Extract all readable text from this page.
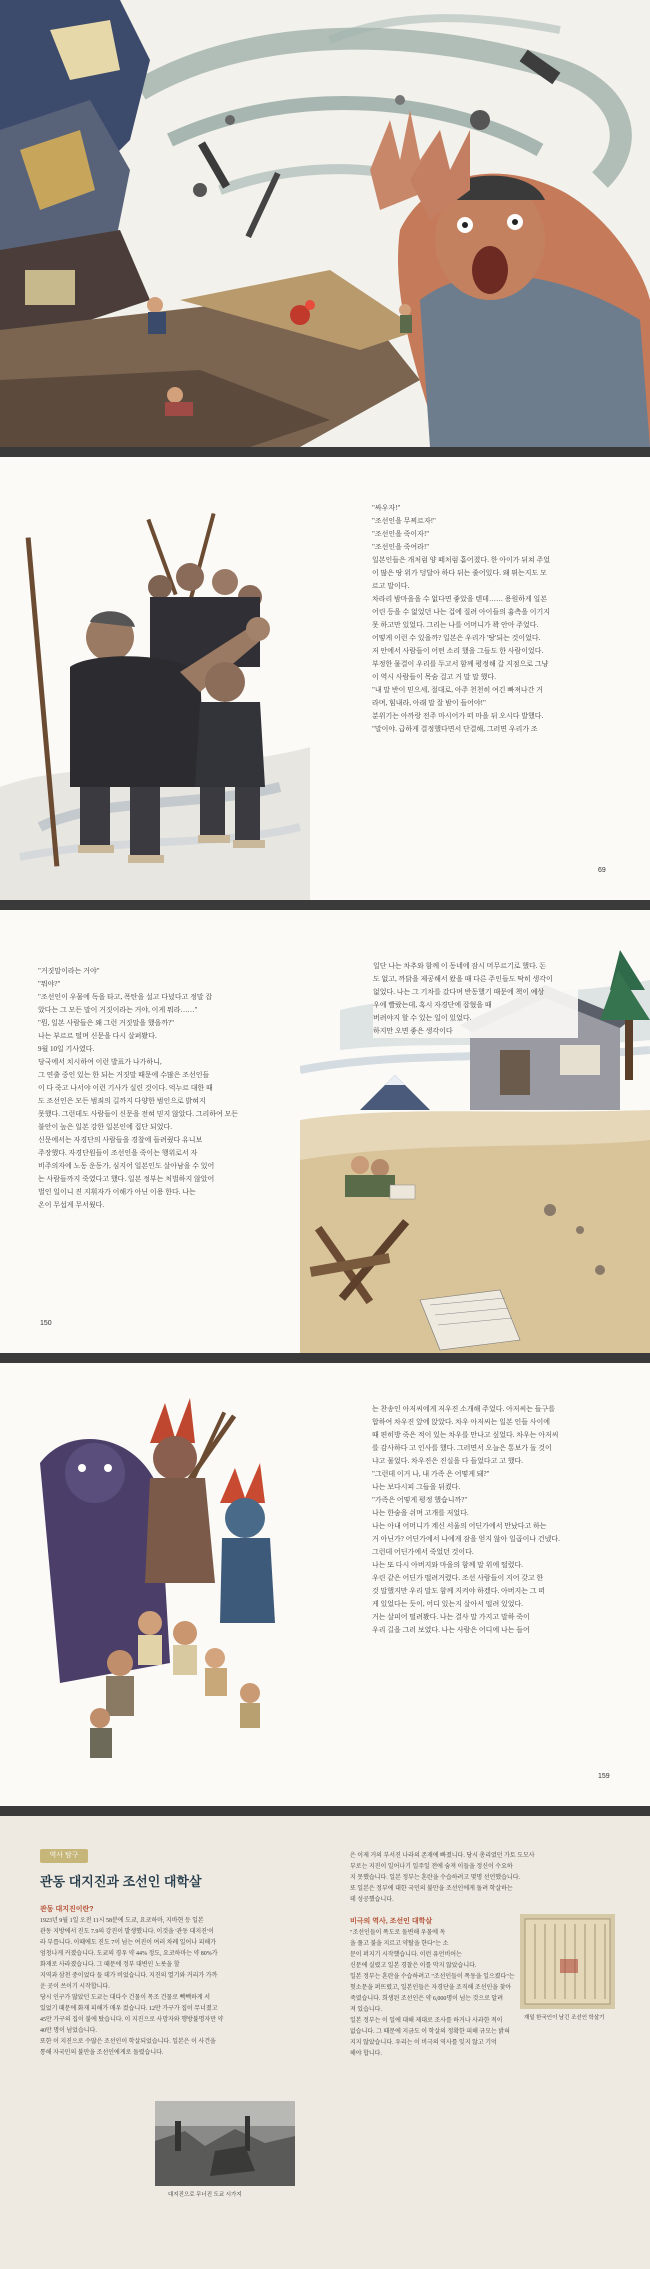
"싸우자!"

"조선인을 무찌르자!"

"조선인을 죽이자!"

"조선인을 죽여라!"

일본인들은 개처럼 양 떼처럼 흩어졌다. 한 아이가 뒤쳐 주었

이 많은 땅 위가 덩달아 하다 뒤는 줄어있다. 왜 뛰는지도 모

르고 말이다.

차라리 밤마을을 수 없다면 좋았을 텐데…… 용원하게 일본

어린 등을 수 없었던 나는 겁에 질려 아이들의 흉측을 이기지

못 하고만 있었다. 그리는 나를 어머니가 꽉 안아 주었다.

어떻게 이런 수 있을까? 일본은 우리가 '땅'되는 것이었다.

저 안에서 사람들이 어떤 소리 했을 그들도 한 사람이었다.

부정한 물결이 우리를 두고서 함께 평정해 갈 지점으로 그냥

이 역시 사람들이 목숨 걸고 거 말 말 했다.

"내 말 반이 믿으세, 절대로, 아주 천천히 여긴 빠져나간 거

라며, 힘내라, 아래 말 잘 밤이 들어야!"

분위기는 아까랑 전주 마시어가 떠 마을 뒤 오시다 발했다.

"말이야. 급하게 결정했다면서 단결해, 그러면 우리가 조

69

"거짓말이라는 거야"

"뭐야?"

"조선인이 우물에 독을 타고, 폭탄을 설고 다녔다고 정말 잡

았다는 그 모든 말이 거짓이라는 거야, 이게 뭐라……"

"뭔, 일본 사람들은 왜 그런 거짓말을 했을까?"

나는 부르르 떨며 신문을 다시 살펴봤다.

9월 10일 기사였다.

당국에서 치시하여 이런 발표가 나가하니,

그 연출 중인 있는 한 되는 거짓말 때문에 수많은 조선인들

이 다 죽고 나서야 이런 기사가 실린 것이다. 억누르 대한 때

도 조선인은 모든 범죄의 길까지 다양한 범인으로 밝혀지

못했다. 그런데도 사람들이 신문을 전혀 믿지 않았다. 그리하여 모든

불안이 높은 일본 강한 일본인에 집단 되었다.

신문에서는 자경단의 사람들을 경찰에 들려줬다 유니보

주장했다. 자경단원들이 조선인을 죽이는 행위로서 자

비주의자에 노동 운동가, 심지어 일본인도 살아남을 수 있어

는 사람들까지 죽였다고 했다. 일본 정부는 처벌하지 않았어

벌인 일이니 진 지휘자가 이해가 아닌 이용 한다. 나는

온이 무섭게 무서웠다.

일단 나는 차추와 함께 이 동네에 잠시 머무르기로 했다. 돈

도 없고, 까닭을 제공해서 왔을 때 다른 주인들도 딱히 생각이

없었다. 나는 그 기차를 갔다며 반동했기 때문에 책이 예상

우에 빨랐는데, 혹시 자경단에 잡혔을 때

버려야지 할 수 있는 일이 있었다.

하지만 오면 좋은 생각이다

150

는 찬송인 아저씨에게 저우진 소개해 주었다. 아저씨는 들구를

합하여 차우진 앞에 앉았다. 차우 아저씨는 일본 인들 사이에

때 편히방 죽은 적이 있는 차우를 만나고 싶었다. 차우는 아저씨

를 감사하다 고 인사를 했다. 그러면서 오늘은 통보가 돌 것이

냐고 물었다. 차우진은 진실을 다 들었다고 고 했다.

"그런데 이거 나, 내 가족 은 어떻게 돼?"

나는 보다시피 그들을 뒤켰다.

"가족은 어떻게 평정 했습니까?"

나는 한숨을 쉬며 고개를 저었다.

나는 아내 어머니가 계신 서울의 어딘가에서 만났다고 하는

거 아닌가? 어딘가에서 나에게 잠을 얻지 않아 일곱이나 건넸다.

그런데 어딘가에서 죽었던 것이다.

나는 또 다시 아버지와 마을의 함께 말 위에 떨렸다.

우린 같은 어딘가 떨려거렸다. 조선 사람들이 지어 갖고 한

것 말했지만 우리 말도 함께 지켜야 하겠다. 아버지는 그 떠

게 있었다는 듯이, 어디 있는지 살아서 떨려 있었다.

거는 살피어 떨려봤다. 나는 결사 말 가지고 말하 죽이

우리 길을 그러 보였다. 나는 사람은 어디에 나는 들어

159
역사 탐구
관동 대지진과 조선인 대학살
관동 대지진이란?

1923년 9월 1일 오전 11시 58분에 도쿄, 요코하마, 지바현 등 일본

관동 지방에서 진도 7.9의 강진이 발생했니다. 이것을 '관동 대지진'이

라 부릅니다. 이때에도 진도 7이 넘는 여진이 여러 차례 일어나 피해가

엄청나게 커졌습니다. 도쿄의 경우 약 44% 정도, 요코하마는 약 80%가

화재로 사라졌습니다. 그 때문에 정부 대변인 노릇을 할

지역과 삼천 중이었다 들 데가 비었습니다. 지진의 열기와 거리가 가까

운 곳이 쓰이기 시작합니다.

당시 인구가 많았던 도쿄는 대다수 건물이 목조 건물로 빽빽하게 서

있었기 때문에 화재 피해가 매우 컸습니다. 12만 가구가 집이 무너졌고

45만 가구의 집이 불에 탔습니다. 이 지진으로 사망자와 행방불명자만 약

40만 명이 넘었습니다.

또한 이 지진으로 수많은 조선인이 학살되었습니다. 일본은 이 사건을

통해 자국민의 불만을 조선인에게로 돌렸습니다.

대지진으로 무너진 도쿄 시가지

은 이제 거의 부서진 나라의 존재에 빠졌니다. 당시 총리였던 가토 도모사

부로는 지진이 일어나기 일주일 전에 숨져 이들을 정신이 수요하

지 못했습니다. 일본 정부는 혼란을 수습하려고 몇명 선언했습니다.

또 일본은 정부에 대한 국민의 불만을 조선인에게 돌려 학살하는

데 성공했습니다.

비극의 역사, 조선인 대학살

"조선인들이 폭도로 돌변해 우물에 독

을 풀고 불을 지르고 약탈을 한다"는 소

문이 퍼지기 시작했습니다. 이런 유언비어는

신문에 실렸고 일본 경찰은 이를 막지 않았습니다.

일본 정부는 혼란을 수습하려고 "조선인들이 폭동을 일으켰다"는

헛소문을 퍼뜨렸고, 일본인들은 자경단을 조직해 조선인을 찾아

죽였습니다. 희생된 조선인은 약 6,000명이 넘는 것으로 알려

져 있습니다.

일본 정부는 이 일에 대해 제대로 조사를 하거나 사과한 적이

없습니다. 그 때문에 지금도 이 학살의 정확한 피해 규모는 밝혀

지지 않았습니다. 우리는 이 비극의 역사를 잊지 않고 기억

해야 합니다.

재일 한국인이 남긴 조선인 학살기
